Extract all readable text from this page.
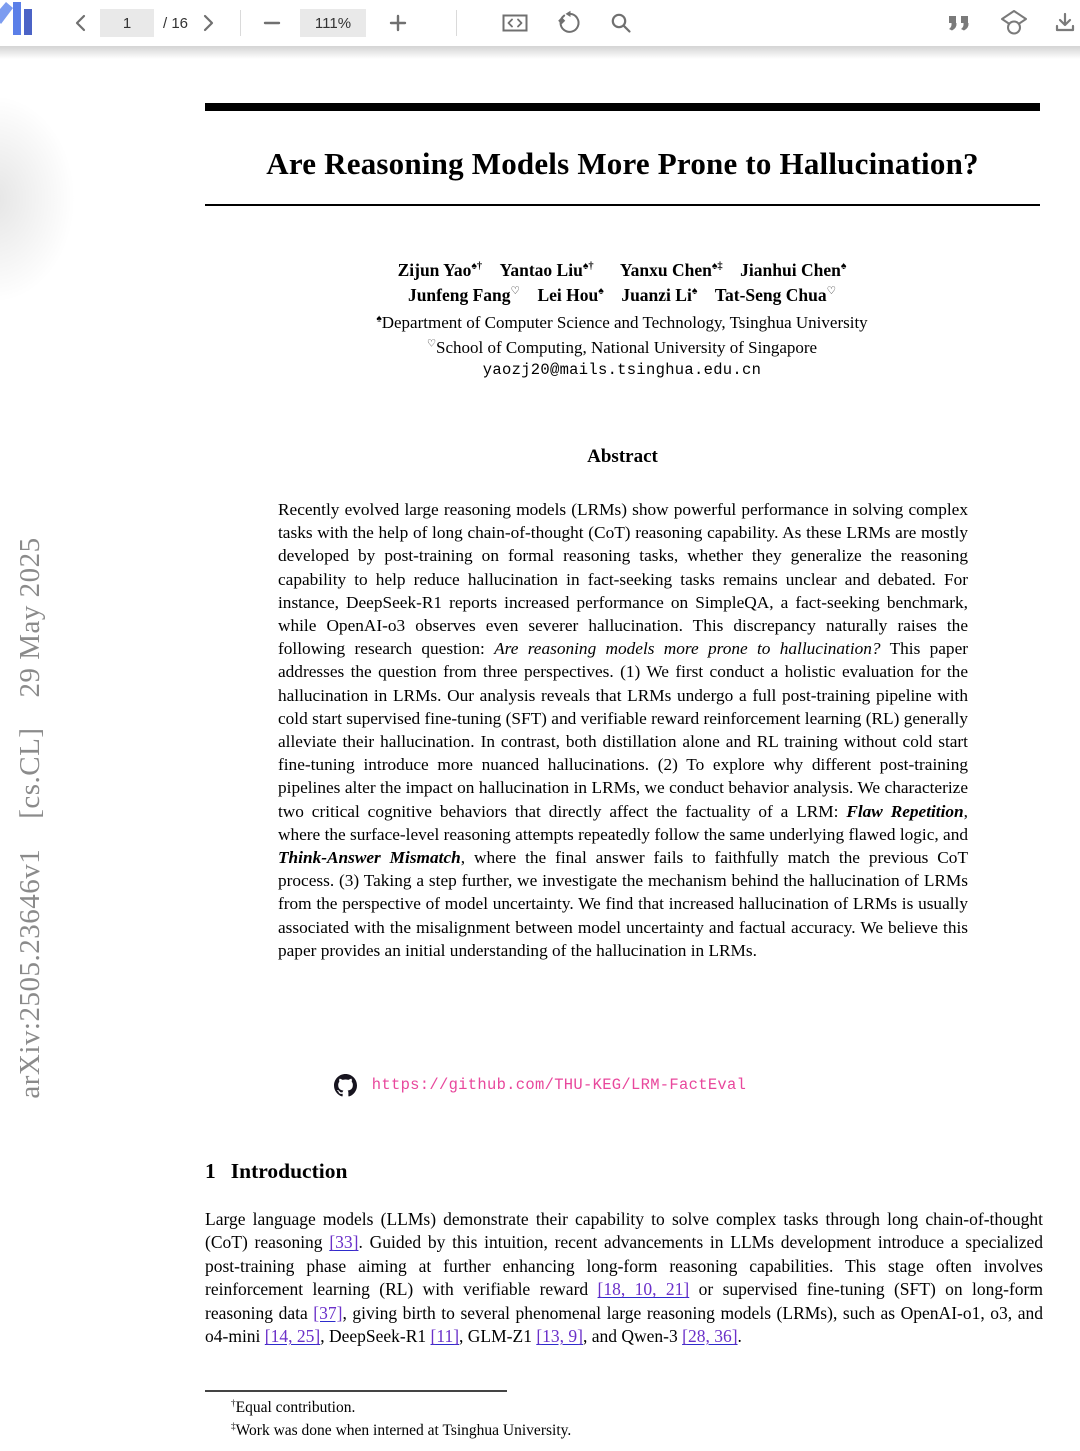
1
/ 16
111%
arXiv:2505.23646v1  [cs.CL]  29 May 2025
Are Reasoning Models More Prone to Hallucination?
Zijun Yao♠†  Yantao Liu♠†   Yanxu Chen♠‡  Jianhui Chen♠
Junfeng Fang♡  Lei Hou♠  Juanzi Li♠  Tat-Seng Chua♡
♠Department of Computer Science and Technology, Tsinghua University
♡School of Computing, National University of Singapore
yaozj20@mails.tsinghua.edu.cn
Abstract
Recently evolved large reasoning models (LRMs) show powerful performance in solving complex tasks with the help of long chain-of-thought (CoT) reasoning capability. As these LRMs are mostly developed by post-training on formal reasoning tasks, whether they generalize the reasoning capability to help reduce hallucination in fact-seeking tasks remains unclear and debated. For instance, DeepSeek-R1 reports increased performance on SimpleQA, a fact-seeking benchmark, while OpenAI-o3 observes even severer hallucination. This discrepancy naturally raises the following research question: Are reasoning models more prone to hallucination? This paper addresses the question from three perspectives. (1) We first conduct a holistic evaluation for the hallucination in LRMs. Our analysis reveals that LRMs undergo a full post-training pipeline with cold start supervised fine-tuning (SFT) and verifiable reward reinforcement learning (RL) generally alleviate their hallucination. In contrast, both distillation alone and RL training without cold start fine-tuning introduce more nuanced hallucinations. (2) To explore why different post-training pipelines alter the impact on hallucination in LRMs, we conduct behavior analysis. We characterize two critical cognitive behaviors that directly affect the factuality of a LRM: Flaw Repetition, where the surface-level reasoning attempts repeatedly follow the same underlying flawed logic, and Think-Answer Mismatch, where the final answer fails to faithfully match the previous CoT process. (3) Taking a step further, we investigate the mechanism behind the hallucination of LRMs from the perspective of model uncertainty. We find that increased hallucination of LRMs is usually associated with the misalignment between model uncertainty and factual accuracy. We believe this paper provides an initial understanding of the hallucination in LRMs.
https://github.com/THU-KEG/LRM-FactEval
1 Introduction
Large language models (LLMs) demonstrate their capability to solve complex tasks through long chain-of-thought (CoT) reasoning [33]. Guided by this intuition, recent advancements in LLMs development introduce a specialized post-training phase aiming at further enhancing long-form reasoning capabilities. This stage often involves reinforcement learning (RL) with verifiable reward [18, 10, 21] or supervised fine-tuning (SFT) on long-form reasoning data [37], giving birth to several phenomenal large reasoning models (LRMs), such as OpenAI-o1, o3, and o4-mini [14, 25], DeepSeek-R1 [11], GLM-Z1 [13, 9], and Qwen-3 [28, 36].
†Equal contribution.
‡Work was done when interned at Tsinghua University.
